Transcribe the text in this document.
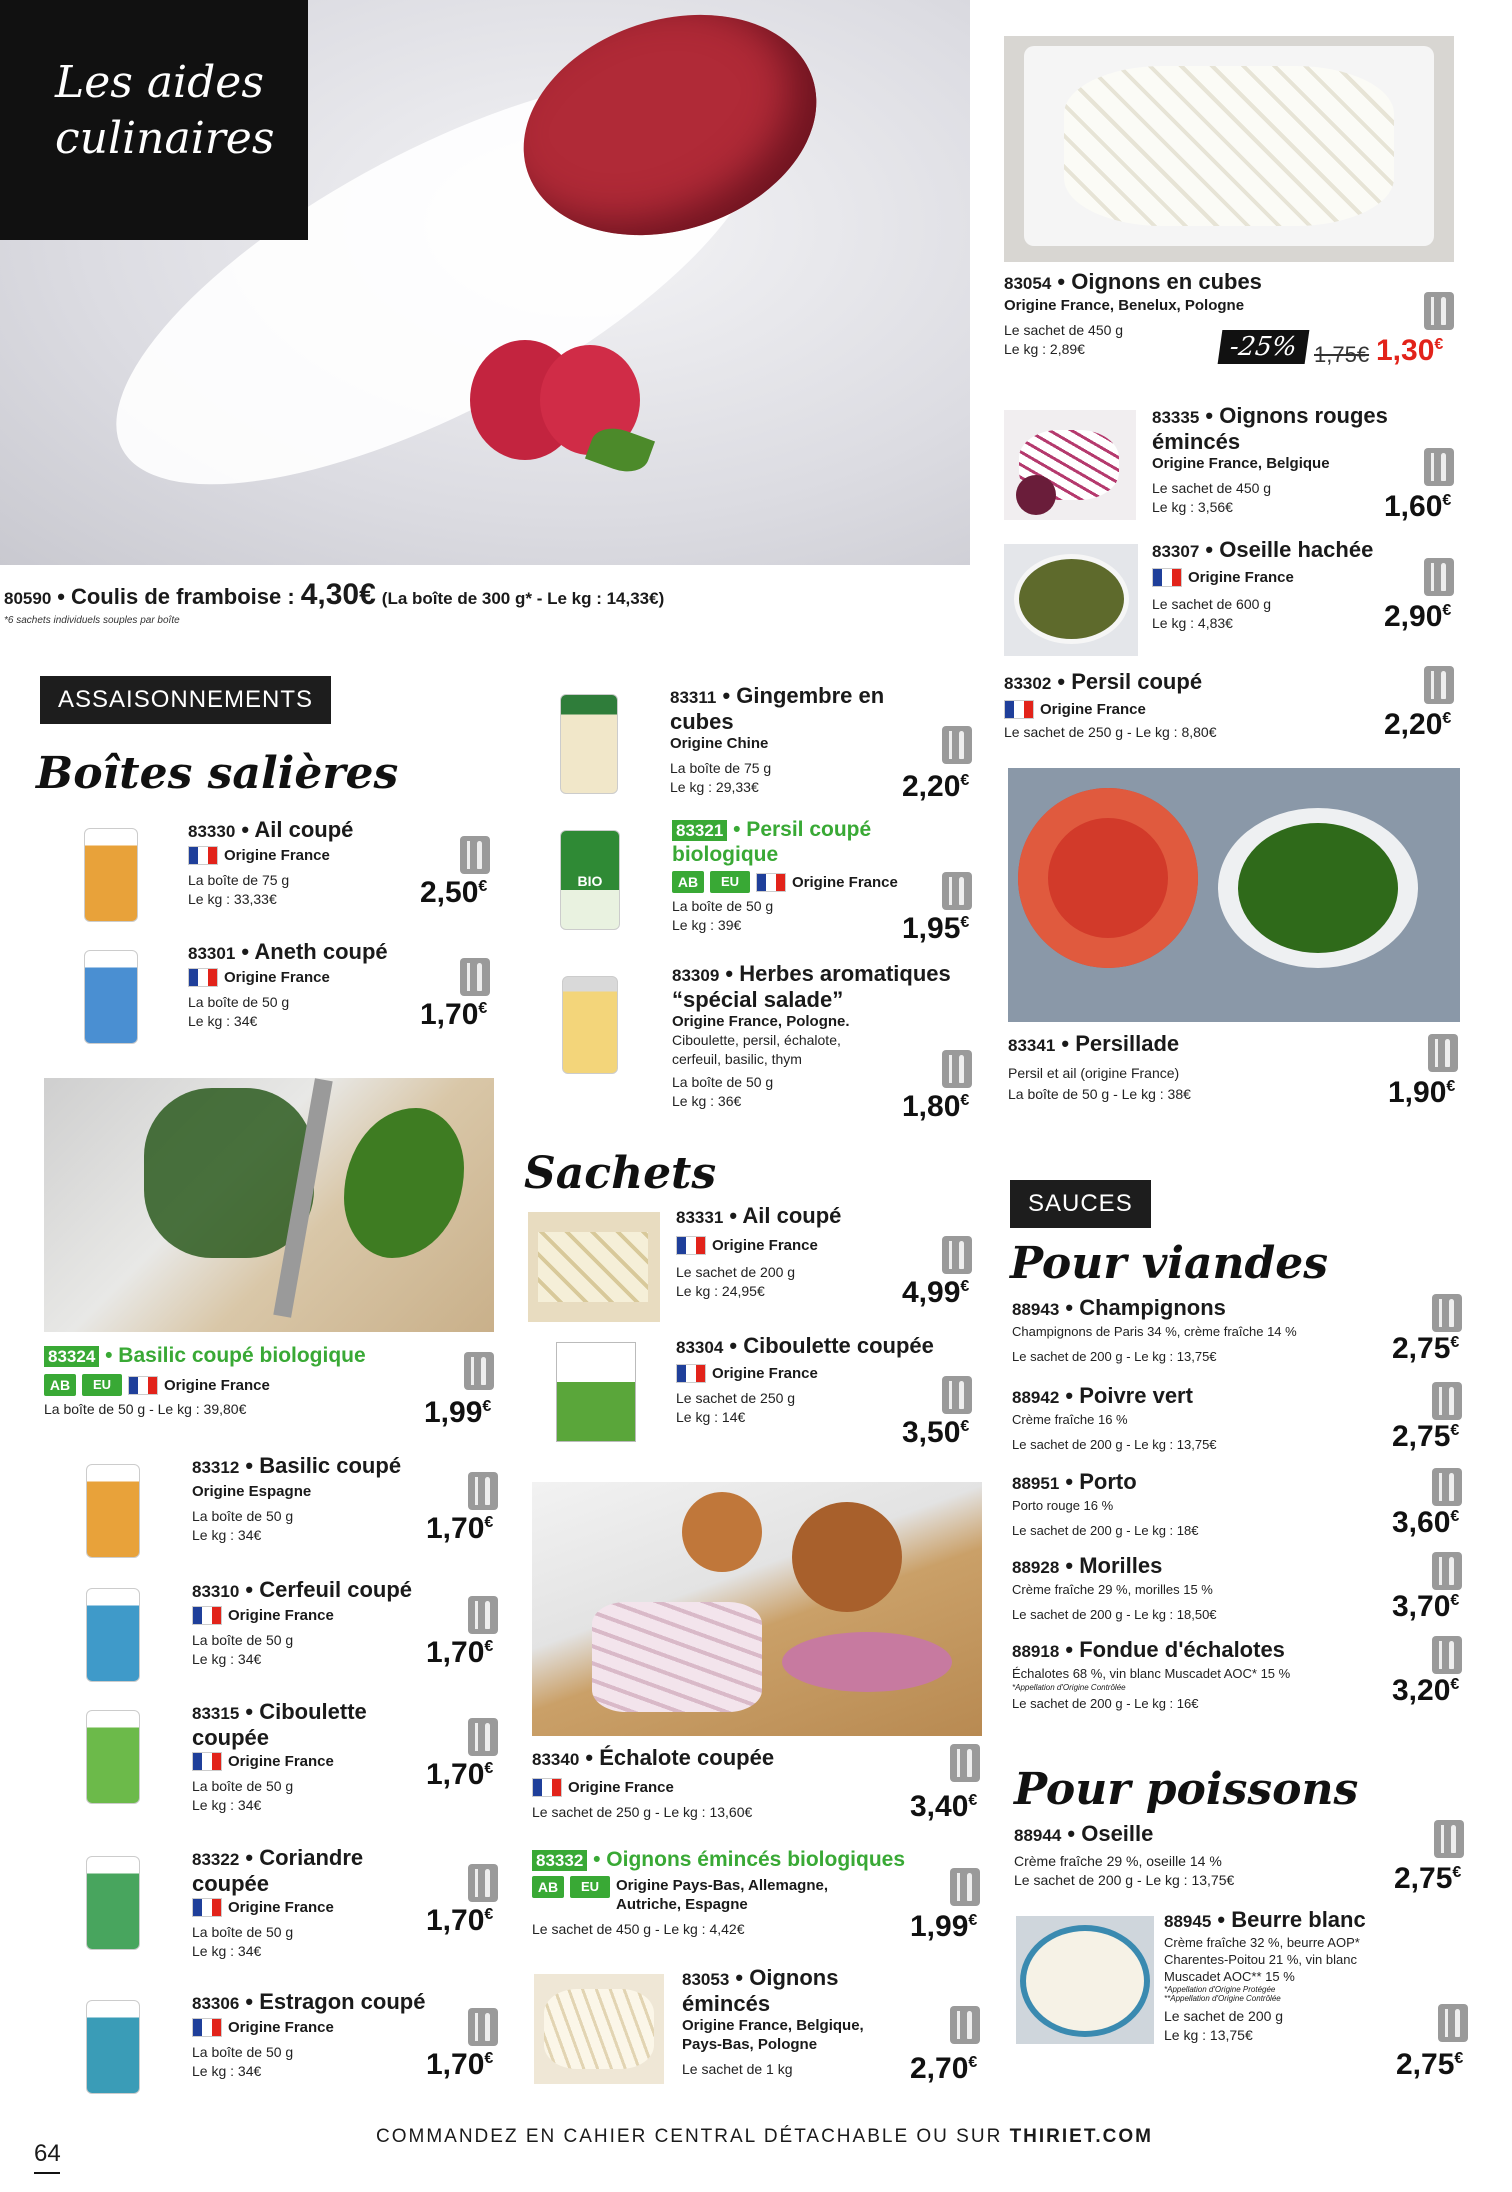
Les aides
culinaires
80590 • Coulis de framboise : 4,30€ (La boîte de 300 g* - Le kg : 14,33€)
*6 sachets individuels souples par boîte
ASSAISONNEMENTS
Boîtes salières
83330 • Ail coupé
Origine France
La boîte de 75 g
Le kg : 33,33€	2,50€
83301 • Aneth coupé
Origine France
La boîte de 50 g
Le kg : 34€	1,70€
83312 • Basilic coupé
Origine Espagne
La boîte de 50 g
Le kg : 34€	1,70€
83310 • Cerfeuil coupé
Origine France
La boîte de 50 g
Le kg : 34€	1,70€
83315 • Ciboulette coupée
Origine France
La boîte de 50 g
Le kg : 34€
1,70€
83322 • Coriandre coupée
Origine France
La boîte de 50 g
Le kg : 34€
1,70€
83306 • Estragon coupé
Origine France
La boîte de 50 g
Le kg : 34€	1,70€
83324 • Basilic coupé biologique
AB	EU	Origine France
La boîte de 50 g - Le kg : 39,80€	1,99€
83311 • Gingembre en cubes
Origine Chine
La boîte de 75 g
Le kg : 29,33€	2,20€
83321 • Persil coupé biologique
AB	EU	Origine France
La boîte de 50 g
Le kg : 39€
BIO
1,95€
83309 • Herbes aromatiques “spécial salade”
Origine France, Pologne.
Ciboulette, persil, échalote, cerfeuil, basilic, thym
La boîte de 50 g
Le kg : 36€	1,80€
Sachets
83331 • Ail coupé
Origine France
Le sachet de 200 g
Le kg : 24,95€	4,99€
83304 • Ciboulette coupée
Origine France
Le sachet de 250 g
Le kg : 14€	3,50€
83340 • Échalote coupée
Origine France
Le sachet de 250 g - Le kg : 13,60€	3,40€
83332 • Oignons émincés biologiques
AB	EU	Origine Pays-Bas, Allemagne, Autriche, Espagne
Le sachet de 450 g - Le kg : 4,42€	1,99€
83053 • Oignons émincés
Origine France, Belgique, Pays-Bas, Pologne
Le sachet de 1 kg	2,70€
83054 • Oignons en cubes
Origine France, Benelux, Pologne
Le sachet de 450 g
Le kg : 2,89€	-25% 1,75€ 1,30€
83335 • Oignons rouges émincés
Origine France, Belgique
Le sachet de 450 g
Le kg : 3,56€	1,60€
83307 • Oseille hachée
Origine France
Le sachet de 600 g
Le kg : 4,83€	2,90€
83302 • Persil coupé
Origine France
Le sachet de 250 g - Le kg : 8,80€	2,20€
83341 • Persillade
Persil et ail (origine France)
La boîte de 50 g - Le kg : 38€	1,90€
SAUCES
Pour viandes
88943 • Champignons
Champignons de Paris 34 %, crème fraîche 14 %
Le sachet de 200 g - Le kg : 13,75€	2,75€
88942 • Poivre vert
Crème fraîche 16 %
Le sachet de 200 g - Le kg : 13,75€	2,75€
88951 • Porto
Porto rouge 16 %
Le sachet de 200 g - Le kg : 18€	3,60€
88928 • Morilles
Crème fraîche 29 %, morilles 15 %
Le sachet de 200 g - Le kg : 18,50€	3,70€
88918 • Fondue d'échalotes
Échalotes 68 %, vin blanc Muscadet AOC* 15 %
*Appellation d'Origine Contrôlée
Le sachet de 200 g - Le kg : 16€	3,20€
Pour poissons
88944 • Oseille
Crème fraîche 29 %, oseille 14 %
Le sachet de 200 g - Le kg : 13,75€	2,75€
88945 • Beurre blanc
Crème fraîche 32 %, beurre AOP* Charentes-Poitou 21 %, vin blanc Muscadet AOC** 15 %
*Appellation d'Origine Protégée
**Appellation d'Origine Contrôlée
Le sachet de 200 g
Le kg : 13,75€
2,75€
64
COMMANDEZ EN CAHIER CENTRAL DÉTACHABLE OU SUR THIRIET.COM
